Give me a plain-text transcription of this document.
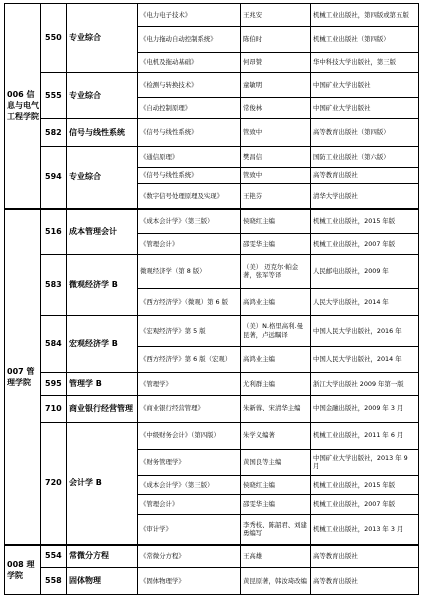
006 信息与电气工程学院	550	专业综合	《电力电子技术》	王兆安	机械工业出版社，第四版或第五版
			《电力拖动自动控制系统》	陈伯时	机械工业出版社（第四版）
			《电机及拖动基础》	何昂赞	华中科技大学出版社，第三版
	555	专业综合	《检测与转换技术》	童敏明	中国矿业大学出版社
			《自动控制原理》	常俊林	中国矿业大学出版社
	582	信号与线性系统	《信号与线性系统》	管致中	高等教育出版社（第四版）
	594	专业综合	《通信原理》	樊昌信	国防工业出版社（第六版）
			《信号与线性系统》	管致中	高等教育出版社
			《数字信号处理原理及实现》	王艳芬	清华大学出版社
007 管理学院	516	成本管理会计	《成本会计学》（第三版）	侯晓红主编	机械工业出版社，2015 年版
			《管理会计》	邵雯华主编	机械工业出版社，2007 年版
	583	微观经济学 B	微观经济学（第 8 版）	（美） 迈克尔·帕金著，张军等译	人民邮电出版社，2009 年
			《西方经济学》（微观）第 6 版	高鸿业主编	人民大学出版社，2014 年
	584	宏观经济学 B	《宏观经济学》第 5 版	（美）N.格里高利.曼昆著，卢远瞩译	中国人民大学出版社，2016 年
			《西方经济学》第 6 版（宏观）	高鸿业主编	中国人民大学出版社，2014 年
	595	管理学 B	《管理学》	尤利群主编	浙江大学出版社 2009 年第一版
	710	商业银行经营管理	《商业银行经营管理》	朱新蓉、宋清华主编	中国金融出版社，2009 年 3 月
	720	会计学 B	《中级财务会计》（第四版）	朱学义编著	机械工业出版社，2011 年 6 月
			《财务管理学》	黄国良等主编	中国矿业大学出版社，2013 年 9 月
			《成本会计学》（第三版）	侯晓红主编	机械工业出版社，2015 年版
			《管理会计》	邵雯华主编	机械工业出版社，2007 年版
			《审计学》	李秀枝、陈韶君、刘建勇编写	机械工业出版社，2013 年 3 月
008 理学院	554	常微分方程	《常微分方程》	王高雄	高等教育出版社
	558	固体物理	《固体物理学》	黄昆原著，韩汝琦改编	高等教育出版社
